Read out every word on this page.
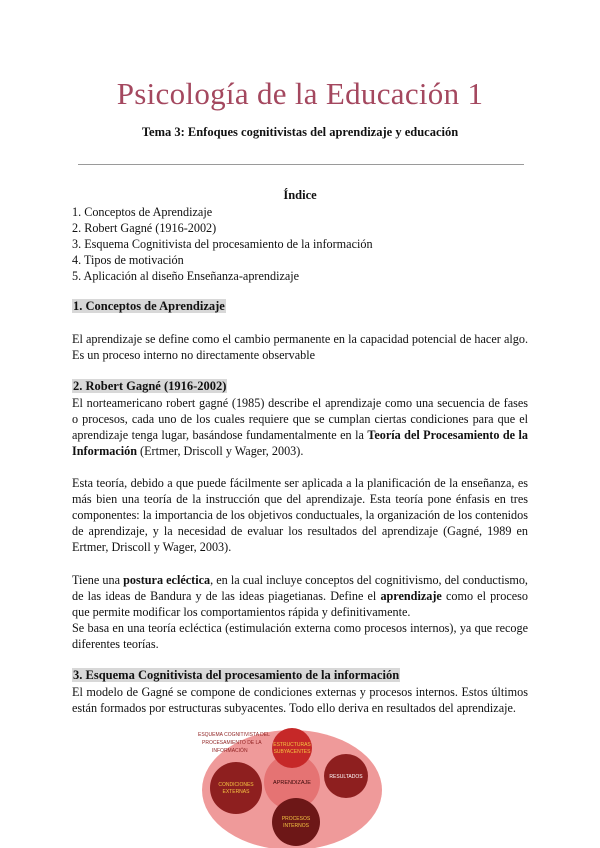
Psicología de la Educación 1
Tema 3: Enfoques cognitivistas del aprendizaje y educación
Índice
1. Conceptos de Aprendizaje
2. Robert Gagné (1916-2002)
3. Esquema Cognitivista del procesamiento de la información
4. Tipos de motivación
5. Aplicación al diseño Enseñanza-aprendizaje
1. Conceptos de Aprendizaje
El aprendizaje se define como el cambio permanente en la capacidad potencial de hacer algo. Es un proceso interno no directamente observable
2. Robert Gagné (1916-2002)
El norteamericano robert gagné (1985) describe el aprendizaje como una secuencia de fases o procesos, cada uno de los cuales requiere que se cumplan ciertas condiciones para que el aprendizaje tenga lugar, basándose fundamentalmente en la Teoría del Procesamiento de la Información (Ertmer, Driscoll y Wager, 2003).
Esta teoría, debido a que puede fácilmente ser aplicada a la planificación de la enseñanza, es más bien una teoría de la instrucción que del aprendizaje. Esta teoría pone énfasis en tres componentes: la importancia de los objetivos conductuales, la organización de los contenidos de aprendizaje, y la necesidad de evaluar los resultados del aprendizaje (Gagné, 1989 en Ertmer, Driscoll y Wager, 2003).
Tiene una postura ecléctica, en la cual incluye conceptos del cognitivismo, del conductismo, de las ideas de Bandura y de las ideas piagetianas. Define el aprendizaje como el proceso que permite modificar los comportamientos rápida y definitivamente.
Se basa en una teoría ecléctica (estimulación externa como procesos internos), ya que recoge diferentes teorías.
3. Esquema Cognitivista del procesamiento de la información
El modelo de Gagné se compone de condiciones externas y procesos internos. Estos últimos están formados por estructuras subyacentes. Todo ello deriva en resultados del aprendizaje.
ESQUEMA COGNITIVISTA DEL
PROCESAMIENTO DE LA
INFORMACIÓN
ESTRUCTURAS
SUBYACENTES
APRENDIZAJE
CONDICIONES
EXTERNAS
RESULTADOS
PROCESOS
INTERNOS
